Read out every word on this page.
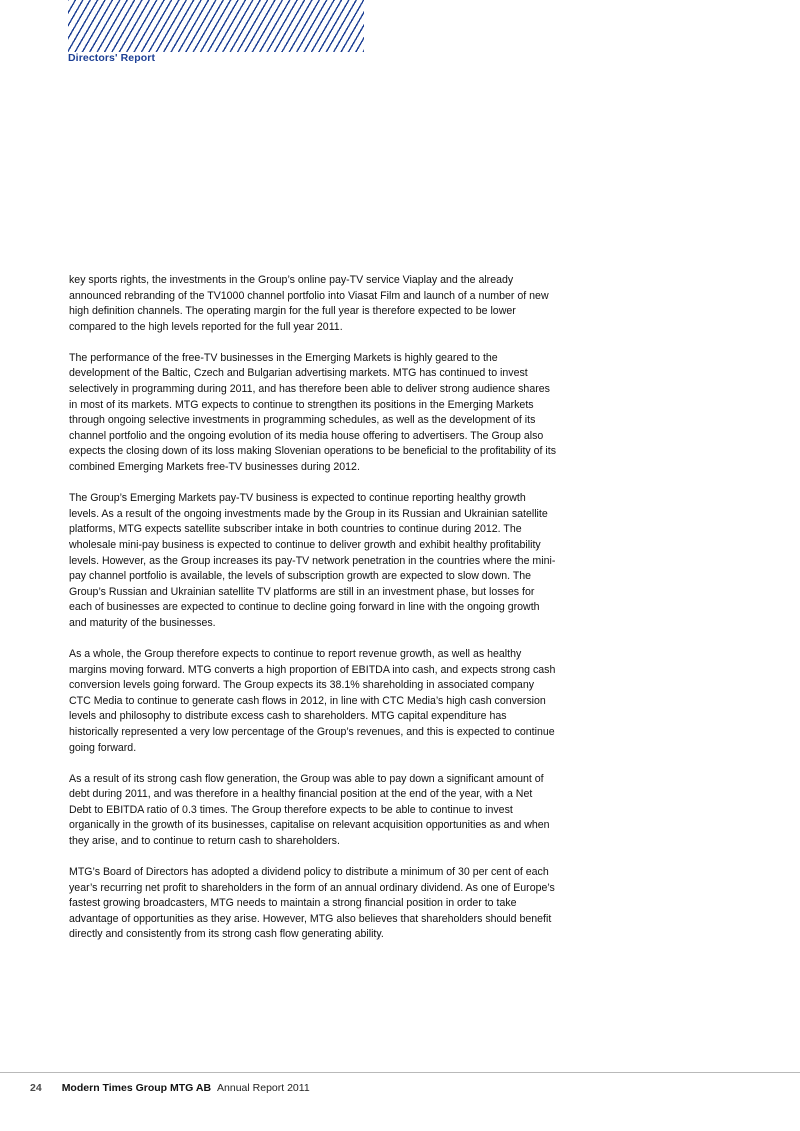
Directors' Report

key sports rights, the investments in the Group’s online pay-TV service Viaplay and the already announced rebranding of the TV1000 channel portfolio into Viasat Film and launch of a number of new high definition channels. The operating margin for the full year is therefore expected to be lower compared to the high levels reported for the full year 2011.

The performance of the free-TV businesses in the Emerging Markets is highly geared to the development of the Baltic, Czech and Bulgarian advertising markets. MTG has continued to invest selectively in programming during 2011, and has therefore been able to deliver strong audience shares in most of its markets. MTG expects to continue to strengthen its positions in the Emerging Markets through ongoing selective investments in programming schedules, as well as the development of its channel portfolio and the ongoing evolution of its media house offering to advertisers. The Group also expects the closing down of its loss making Slovenian operations to be beneficial to the profitability of its combined Emerging Markets free-TV businesses during 2012.

The Group’s Emerging Markets pay-TV business is expected to continue reporting healthy growth levels. As a result of the ongoing investments made by the Group in its Russian and Ukrainian satellite platforms, MTG expects satellite subscriber intake in both countries to continue during 2012. The wholesale mini-pay business is expected to continue to deliver growth and exhibit healthy profitability levels. However, as the Group increases its pay-TV network penetration in the countries where the mini-pay channel portfolio is available, the levels of subscription growth are expected to slow down. The Group’s Russian and Ukrainian satellite TV platforms are still in an investment phase, but losses for each of businesses are expected to continue to decline going forward in line with the ongoing growth and maturity of the businesses.

As a whole, the Group therefore expects to continue to report revenue growth, as well as healthy margins moving forward. MTG converts a high proportion of EBITDA into cash, and expects strong cash conversion levels going forward. The Group expects its 38.1% shareholding in associated company CTC Media to continue to generate cash flows in 2012, in line with CTC Media’s high cash conversion levels and philosophy to distribute excess cash to shareholders. MTG capital expenditure has historically represented a very low percentage of the Group’s revenues, and this is expected to continue going forward.

As a result of its strong cash flow generation, the Group was able to pay down a significant amount of debt during 2011, and was therefore in a healthy financial position at the end of the year, with a Net Debt to EBITDA ratio of 0.3 times. The Group therefore expects to be able to continue to invest organically in the growth of its businesses, capitalise on relevant acquisition opportunities as and when they arise, and to continue to return cash to shareholders.

MTG’s Board of Directors has adopted a dividend policy to distribute a minimum of 30 per cent of each year’s recurring net profit to shareholders in the form of an annual ordinary dividend. As one of Europe’s fastest growing broadcasters, MTG needs to maintain a strong financial position in order to take advantage of opportunities as they arise. However, MTG also believes that shareholders should benefit directly and consistently from its strong cash flow generating ability.

24 Modern Times Group MTG AB Annual Report 2011
